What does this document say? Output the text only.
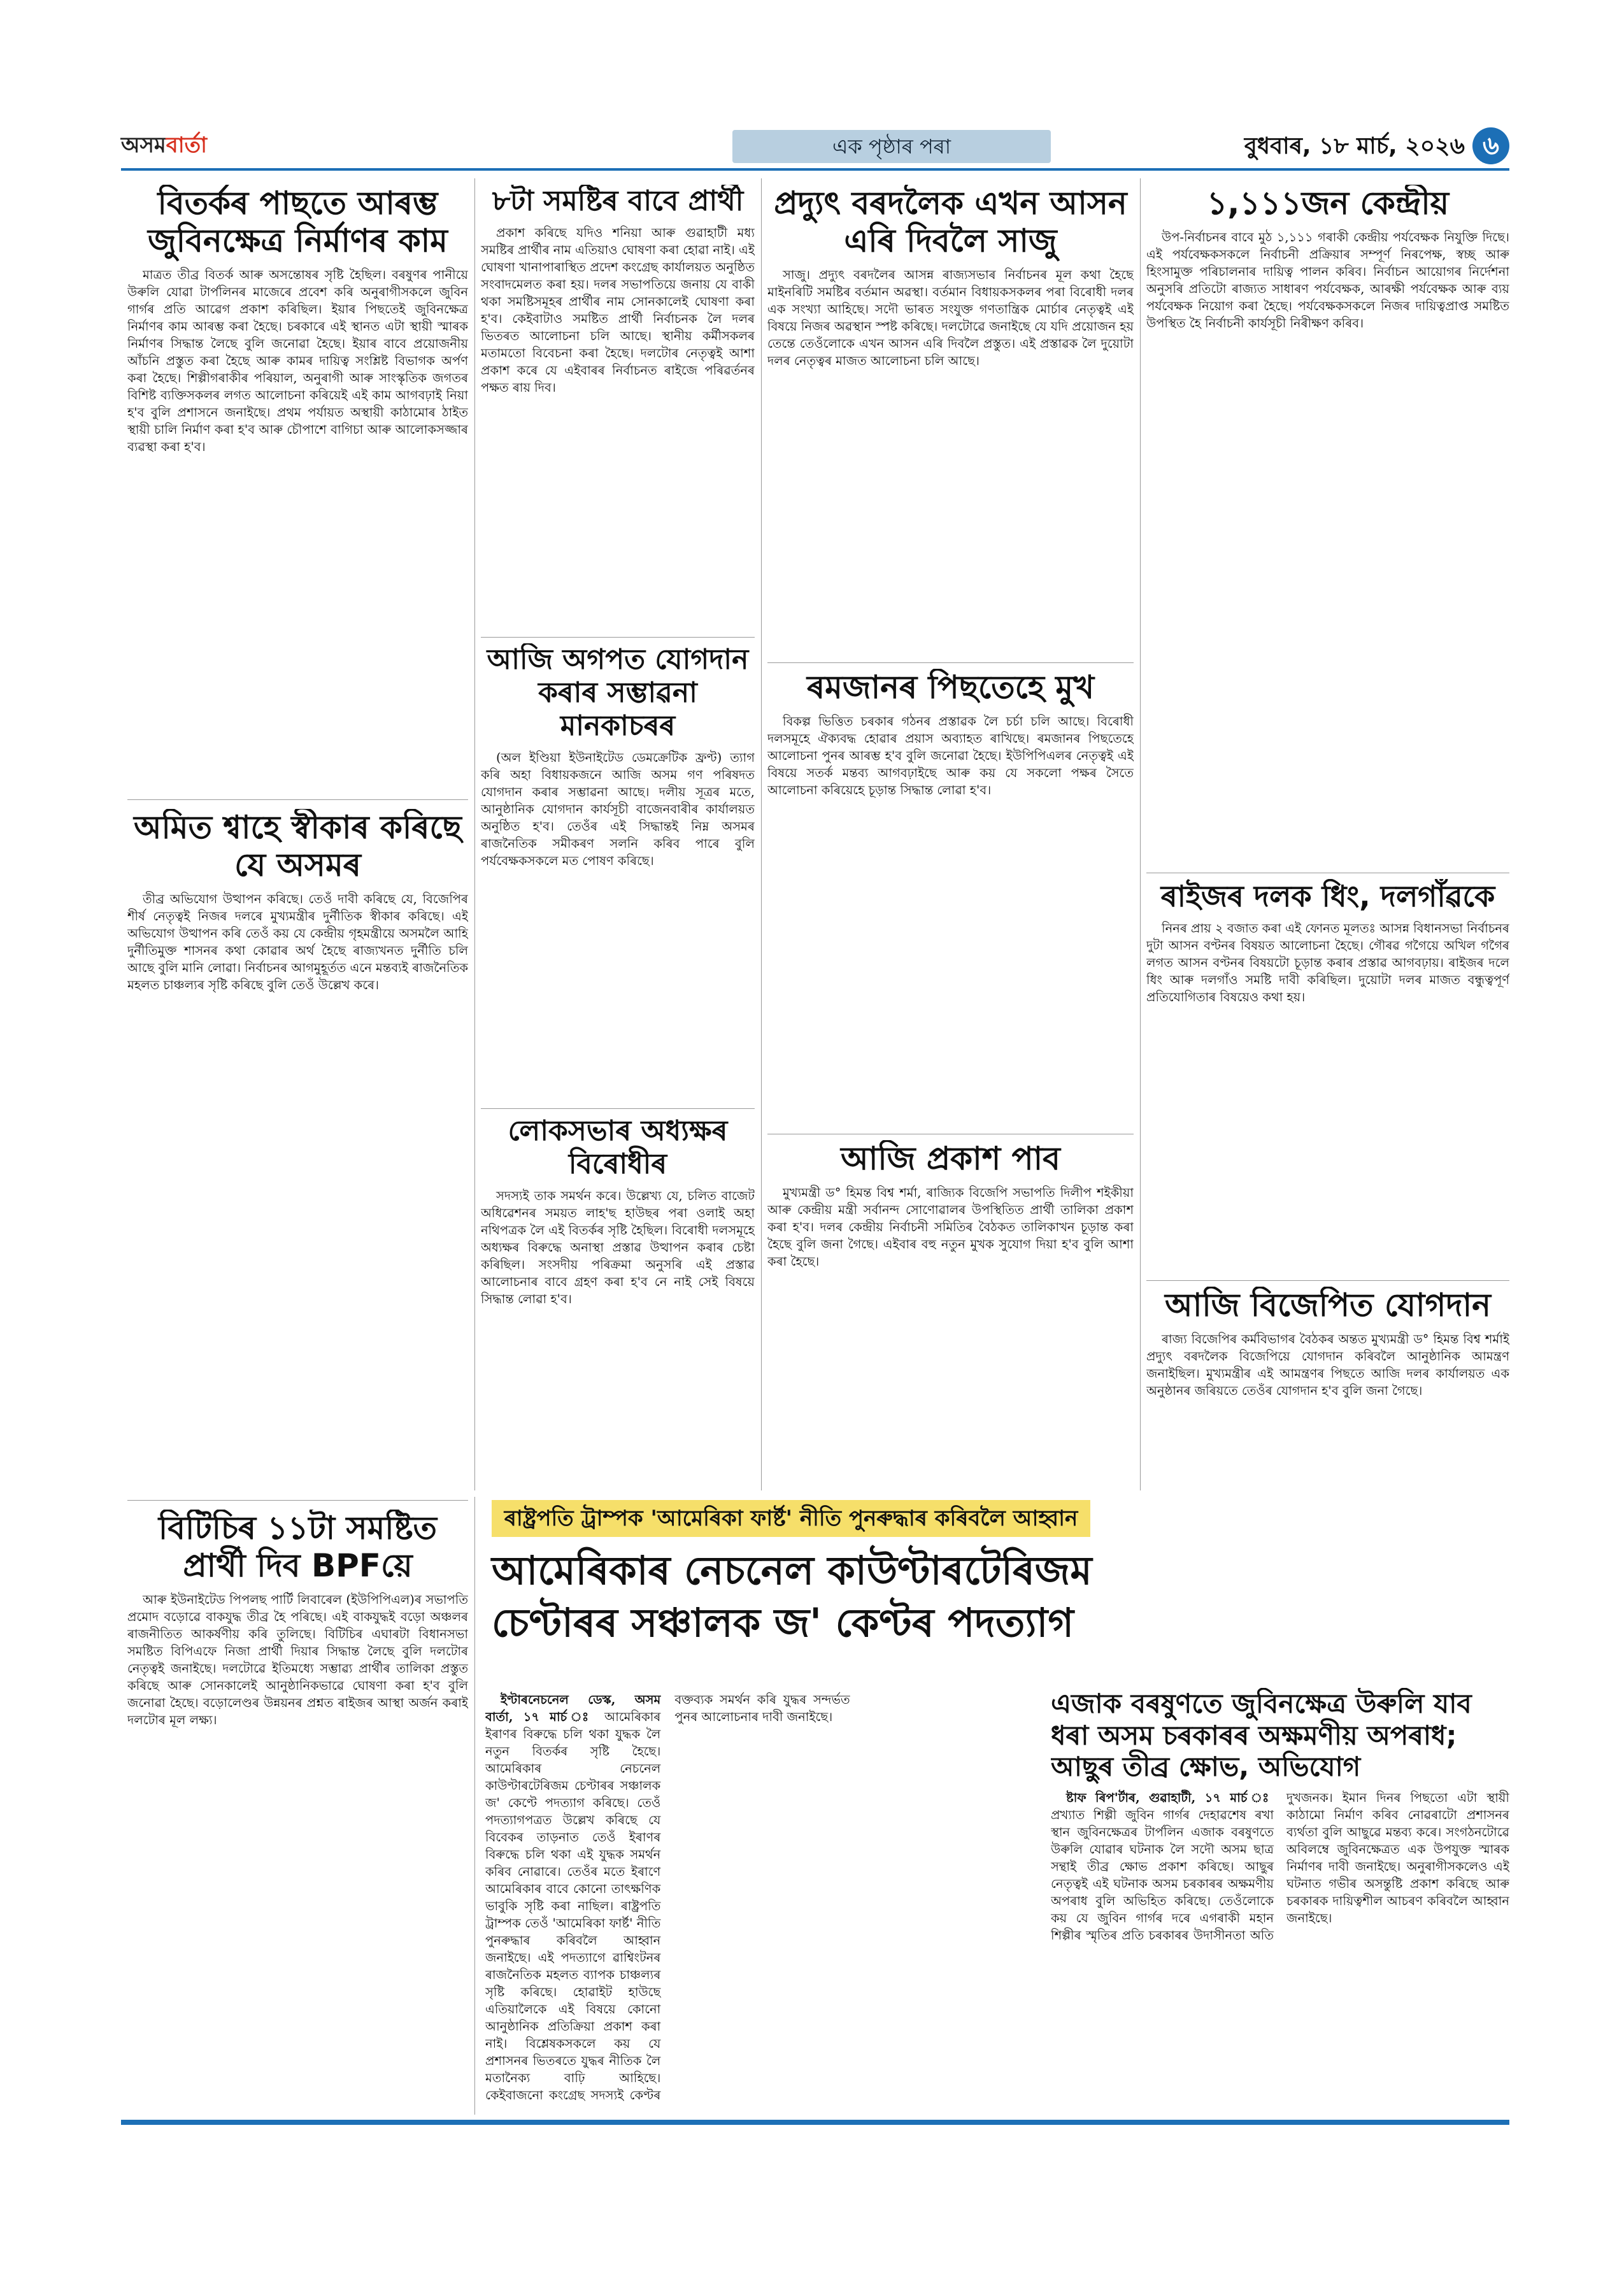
অসমবাৰ্তা	এক পৃষ্ঠাৰ পৰা	বুধবাৰ, ১৮ মাৰ্চ, ২০২৬ ৬
বিতৰ্কৰ পাছতে আৰম্ভ জুবিনক্ষেত্ৰ নিৰ্মাণৰ কাম

মাত্ৰত তীব্ৰ বিতৰ্ক আৰু অসন্তোষৰ সৃষ্টি হৈছিল। বৰষুণৰ পানীয়ে উৰুলি যোৱা টাৰ্পলিনৰ মাজেৰে প্ৰবেশ কৰি অনুৰাগীসকলে জুবিন গাৰ্গৰ প্ৰতি আৱেগ প্ৰকাশ কৰিছিল। ইয়াৰ পিছতেই জুবিনক্ষেত্ৰ নিৰ্মাণৰ কাম আৰম্ভ কৰা হৈছে। চৰকাৰে এই স্থানত এটা স্থায়ী স্মাৰক নিৰ্মাণৰ সিদ্ধান্ত লৈছে বুলি জনোৱা হৈছে। ইয়াৰ বাবে প্ৰয়োজনীয় আঁচনি প্ৰস্তুত কৰা হৈছে আৰু কামৰ দায়িত্ব সংশ্লিষ্ট বিভাগক অৰ্পণ কৰা হৈছে। শিল্পীগৰাকীৰ পৰিয়াল, অনুৰাগী আৰু সাংস্কৃতিক জগতৰ বিশিষ্ট ব্যক্তিসকলৰ লগত আলোচনা কৰিয়েই এই কাম আগবঢ়াই নিয়া হ'ব বুলি প্ৰশাসনে জনাইছে। প্ৰথম পৰ্যায়ত অস্থায়ী কাঠামোৰ ঠাইত স্থায়ী চালি নিৰ্মাণ কৰা হ'ব আৰু চৌপাশে বাগিচা আৰু আলোকসজ্জাৰ ব্যৱস্থা কৰা হ'ব।

অমিত শ্বাহে স্বীকাৰ কৰিছে যে অসমৰ

তীব্ৰ অভিযোগ উত্থাপন কৰিছে। তেওঁ দাবী কৰিছে যে, বিজেপিৰ শীৰ্ষ নেতৃত্বই নিজৰ দলৰে মুখ্যমন্ত্ৰীৰ দুৰ্নীতিক স্বীকাৰ কৰিছে। এই অভিযোগ উত্থাপন কৰি তেওঁ কয় যে কেন্দ্ৰীয় গৃহমন্ত্ৰীয়ে অসমলৈ আহি দুৰ্নীতিমুক্ত শাসনৰ কথা কোৱাৰ অৰ্থ হৈছে ৰাজ্যখনত দুৰ্নীতি চলি আছে বুলি মানি লোৱা। নিৰ্বাচনৰ আগমুহূৰ্তত এনে মন্তব্যই ৰাজনৈতিক মহলত চাঞ্চল্যৰ সৃষ্টি কৰিছে বুলি তেওঁ উল্লেখ কৰে।

বিটিচিৰ ১১টা সমষ্টিত প্ৰাৰ্থী দিব BPFয়ে

আৰু ইউনাইটেড পিপলছ পাৰ্টি লিবাৰেল (ইউপিপিএল)ৰ সভাপতি প্ৰমোদ বড়োৱে বাকযুদ্ধ তীব্ৰ হৈ পৰিছে। এই বাকযুদ্ধই বড়ো অঞ্চলৰ ৰাজনীতিত আকৰ্ষণীয় কৰি তুলিছে। বিটিচিৰ এঘাৰটা বিধানসভা সমষ্টিত বিপিএফে নিজা প্ৰাৰ্থী দিয়াৰ সিদ্ধান্ত লৈছে বুলি দলটোৰ নেতৃত্বই জনাইছে। দলটোৱে ইতিমধ্যে সম্ভাৱ্য প্ৰাৰ্থীৰ তালিকা প্ৰস্তুত কৰিছে আৰু সোনকালেই আনুষ্ঠানিকভাৱে ঘোষণা কৰা হ'ব বুলি জনোৱা হৈছে। বড়োলেণ্ডৰ উন্নয়নৰ প্ৰশ্নত ৰাইজৰ আস্থা অৰ্জন কৰাই দলটোৰ মূল লক্ষ্য।

৮টা সমষ্টিৰ বাবে প্ৰাৰ্থী

প্ৰকাশ কৰিছে যদিও শনিয়া আৰু গুৱাহাটী মধ্য সমষ্টিৰ প্ৰাৰ্থীৰ নাম এতিয়াও ঘোষণা কৰা হোৱা নাই। এই ঘোষণা খানাপাৰাস্থিত প্ৰদেশ কংগ্ৰেছ কাৰ্যালয়ত অনুষ্ঠিত সংবাদমেলত কৰা হয়। দলৰ সভাপতিয়ে জনায় যে বাকী থকা সমষ্টিসমূহৰ প্ৰাৰ্থীৰ নাম সোনকালেই ঘোষণা কৰা হ'ব। কেইবাটাও সমষ্টিত প্ৰাৰ্থী নিৰ্বাচনক লৈ দলৰ ভিতৰত আলোচনা চলি আছে। স্থানীয় কৰ্মীসকলৰ মতামতো বিবেচনা কৰা হৈছে। দলটোৰ নেতৃত্বই আশা প্ৰকাশ কৰে যে এইবাৰৰ নিৰ্বাচনত ৰাইজে পৰিৱৰ্তনৰ পক্ষত ৰায় দিব।

আজি অগপত যোগদান কৰাৰ সম্ভাৱনা মানকাচৰৰ

(অল ইণ্ডিয়া ইউনাইটেড ডেমক্ৰেটিক ফ্ৰণ্ট) ত্যাগ কৰি অহা বিধায়কজনে আজি অসম গণ পৰিষদত যোগদান কৰাৰ সম্ভাৱনা আছে। দলীয় সূত্ৰৰ মতে, আনুষ্ঠানিক যোগদান কাৰ্যসূচী বাজেনবাৰীৰ কাৰ্যালয়ত অনুষ্ঠিত হ'ব। তেওঁৰ এই সিদ্ধান্তই নিম্ন অসমৰ ৰাজনৈতিক সমীকৰণ সলনি কৰিব পাৰে বুলি পৰ্যবেক্ষকসকলে মত পোষণ কৰিছে।

লোকসভাৰ অধ্যক্ষৰ বিৰোধীৰ

সদস্যই তাক সমৰ্থন কৰে। উল্লেখ্য যে, চলিত বাজেট অধিৱেশনৰ সময়ত লাহ'ছ হাউছৰ পৰা ওলাই অহা নথিপত্ৰক লৈ এই বিতৰ্কৰ সৃষ্টি হৈছিল। বিৰোধী দলসমূহে অধ্যক্ষৰ বিৰুদ্ধে অনাস্থা প্ৰস্তাৱ উত্থাপন কৰাৰ চেষ্টা কৰিছিল। সংসদীয় পৰিক্ৰমা অনুসৰি এই প্ৰস্তাৱ আলোচনাৰ বাবে গ্ৰহণ কৰা হ'ব নে নাই সেই বিষয়ে সিদ্ধান্ত লোৱা হ'ব।

প্ৰদ্যুৎ বৰদলৈক এখন আসন এৰি দিবলৈ সাজু

সাজু। প্ৰদ্যুৎ বৰদলৈৰ আসন্ন ৰাজ্যসভাৰ নিৰ্বাচনৰ মূল কথা হৈছে মাইনৰিটি সমষ্টিৰ বৰ্তমান অৱস্থা। বৰ্তমান বিধায়কসকলৰ পৰা বিৰোধী দলৰ এক সংখ্যা আহিছে। সদৌ ভাৰত সংযুক্ত গণতান্ত্ৰিক মোৰ্চাৰ নেতৃত্বই এই বিষয়ে নিজৰ অৱস্থান স্পষ্ট কৰিছে। দলটোৱে জনাইছে যে যদি প্ৰয়োজন হয় তেন্তে তেওঁলোকে এখন আসন এৰি দিবলৈ প্ৰস্তুত। এই প্ৰস্তাৱক লৈ দুয়োটা দলৰ নেতৃত্বৰ মাজত আলোচনা চলি আছে।

ৰমজানৰ পিছতেহে মুখ

বিকল্প ভিত্তিত চৰকাৰ গঠনৰ প্ৰস্তাৱক লৈ চৰ্চা চলি আছে। বিৰোধী দলসমূহে ঐক্যবদ্ধ হোৱাৰ প্ৰয়াস অব্যাহত ৰাখিছে। ৰমজানৰ পিছতেহে আলোচনা পুনৰ আৰম্ভ হ'ব বুলি জনোৱা হৈছে। ইউপিপিএলৰ নেতৃত্বই এই বিষয়ে সতৰ্ক মন্তব্য আগবঢ়াইছে আৰু কয় যে সকলো পক্ষৰ সৈতে আলোচনা কৰিয়েহে চূড়ান্ত সিদ্ধান্ত লোৱা হ'ব।

আজি প্ৰকাশ পাব

মুখ্যমন্ত্ৰী ড° হিমন্ত বিশ্ব শৰ্মা, ৰাজ্যিক বিজেপি সভাপতি দিলীপ শইকীয়া আৰু কেন্দ্ৰীয় মন্ত্ৰী সৰ্বানন্দ সোণোৱালৰ উপস্থিতিত প্ৰাৰ্থী তালিকা প্ৰকাশ কৰা হ'ব। দলৰ কেন্দ্ৰীয় নিৰ্বাচনী সমিতিৰ বৈঠকত তালিকাখন চূড়ান্ত কৰা হৈছে বুলি জনা গৈছে। এইবাৰ বহু নতুন মুখক সুযোগ দিয়া হ'ব বুলি আশা কৰা হৈছে।

১,১১১জন কেন্দ্ৰীয়

উপ-নিৰ্বাচনৰ বাবে মুঠ ১,১১১ গৰাকী কেন্দ্ৰীয় পৰ্যবেক্ষক নিযুক্তি দিছে। এই পৰ্যবেক্ষকসকলে নিৰ্বাচনী প্ৰক্ৰিয়াৰ সম্পূৰ্ণ নিৰপেক্ষ, স্বচ্ছ আৰু হিংসামুক্ত পৰিচালনাৰ দায়িত্ব পালন কৰিব। নিৰ্বাচন আয়োগৰ নিৰ্দেশনা অনুসৰি প্ৰতিটো ৰাজ্যত সাধাৰণ পৰ্যবেক্ষক, আৰক্ষী পৰ্যবেক্ষক আৰু ব্যয় পৰ্যবেক্ষক নিয়োগ কৰা হৈছে। পৰ্যবেক্ষকসকলে নিজৰ দায়িত্বপ্ৰাপ্ত সমষ্টিত উপস্থিত হৈ নিৰ্বাচনী কাৰ্যসূচী নিৰীক্ষণ কৰিব।

ৰাইজৰ দলক ধিং, দলগাঁৱকে

নিনৰ প্ৰায় ২ বজাত কৰা এই ফোনত মূলতঃ আসন্ন বিধানসভা নিৰ্বাচনৰ দুটা আসন বণ্টনৰ বিষয়ত আলোচনা হৈছে। গৌৰৱ গগৈয়ে অখিল গগৈৰ লগত আসন বণ্টনৰ বিষয়টো চূড়ান্ত কৰাৰ প্ৰস্তাৱ আগবঢ়ায়। ৰাইজৰ দলে ধিং আৰু দলগাঁও সমষ্টি দাবী কৰিছিল। দুয়োটা দলৰ মাজত বন্ধুত্বপূৰ্ণ প্ৰতিযোগিতাৰ বিষয়েও কথা হয়।

আজি বিজেপিত যোগদান

ৰাজ্য বিজেপিৰ কৰ্মবিভাগৰ বৈঠকৰ অন্তত মুখ্যমন্ত্ৰী ড° হিমন্ত বিশ্ব শৰ্মাই প্ৰদ্যুৎ বৰদলৈক বিজেপিয়ে যোগদান কৰিবলৈ আনুষ্ঠানিক আমন্ত্ৰণ জনাইছিল। মুখ্যমন্ত্ৰীৰ এই আমন্ত্ৰণৰ পিছতে আজি দলৰ কাৰ্যালয়ত এক অনুষ্ঠানৰ জৰিয়তে তেওঁৰ যোগদান হ'ব বুলি জনা গৈছে।

ৰাষ্ট্ৰপতি ট্ৰাম্পক 'আমেৰিকা ফাৰ্ষ্ট' নীতি পুনৰুদ্ধাৰ কৰিবলৈ আহ্বান
আমেৰিকাৰ নেচনেল কাউণ্টাৰটেৰিজম
চেণ্টাৰৰ সঞ্চালক জ' কেণ্টৰ পদত্যাগ

ইণ্টাৰনেচনেল ডেস্ক, অসম বাৰ্তা, ১৭ মাৰ্চ ঃ আমেৰিকাৰ ইৰাণৰ বিৰুদ্ধে চলি থকা যুদ্ধক লৈ নতুন বিতৰ্কৰ সৃষ্টি হৈছে। আমেৰিকাৰ নেচনেল কাউণ্টাৰটেৰিজম চেণ্টাৰৰ সঞ্চালক জ' কেণ্টে পদত্যাগ কৰিছে। তেওঁ পদত্যাগপত্ৰত উল্লেখ কৰিছে যে বিবেকৰ তাড়নাত তেওঁ ইৰাণৰ বিৰুদ্ধে চলি থকা এই যুদ্ধক সমৰ্থন কৰিব নোৱাৰে। তেওঁৰ মতে ইৰাণে আমেৰিকাৰ বাবে কোনো তাৎক্ষণিক ভাবুকি সৃষ্টি কৰা নাছিল। ৰাষ্ট্ৰপতি ট্ৰাম্পক তেওঁ 'আমেৰিকা ফাৰ্ষ্ট' নীতি পুনৰুদ্ধাৰ কৰিবলৈ আহ্বান জনাইছে। এই পদত্যাগে ৱাশ্বিংটনৰ ৰাজনৈতিক মহলত ব্যাপক চাঞ্চল্যৰ সৃষ্টি কৰিছে। হোৱাইট হাউছে এতিয়ালৈকে এই বিষয়ে কোনো আনুষ্ঠানিক প্ৰতিক্ৰিয়া প্ৰকাশ কৰা নাই। বিশ্লেষকসকলে কয় যে প্ৰশাসনৰ ভিতৰতে যুদ্ধৰ নীতিক লৈ মতানৈক্য বাঢ়ি আহিছে। কেইবাজনো কংগ্ৰেছ সদস্যই কেণ্টৰ বক্তব্যক সমৰ্থন কৰি যুদ্ধৰ সন্দৰ্ভত পুনৰ আলোচনাৰ দাবী জনাইছে।	এজাক বৰষুণতে জুবিনক্ষেত্ৰ উৰুলি যাব ধৰা অসম চৰকাৰৰ অক্ষমণীয় অপৰাধ; আছুৰ তীব্ৰ ক্ষোভ, অভিযোগ

ষ্টাফ ৰিপ'ৰ্টাৰ, গুৱাহাটী, ১৭ মাৰ্চ ঃ প্ৰখ্যাত শিল্পী জুবিন গাৰ্গৰ দেহাৱশেষ ৰখা স্থান জুবিনক্ষেত্ৰৰ টাৰ্পলিন এজাক বৰষুণতে উৰুলি যোৱাৰ ঘটনাক লৈ সদৌ অসম ছাত্ৰ সন্থাই তীব্ৰ ক্ষোভ প্ৰকাশ কৰিছে। আছুৰ নেতৃত্বই এই ঘটনাক অসম চৰকাৰৰ অক্ষমণীয় অপৰাধ বুলি অভিহিত কৰিছে। তেওঁলোকে কয় যে জুবিন গাৰ্গৰ দৰে এগৰাকী মহান শিল্পীৰ স্মৃতিৰ প্ৰতি চৰকাৰৰ উদাসীনতা অতি দুখজনক। ইমান দিনৰ পিছতো এটা স্থায়ী কাঠামো নিৰ্মাণ কৰিব নোৱৰাটো প্ৰশাসনৰ ব্যৰ্থতা বুলি আছুৱে মন্তব্য কৰে। সংগঠনটোৱে অবিলম্বে জুবিনক্ষেত্ৰত এক উপযুক্ত স্মাৰক নিৰ্মাণৰ দাবী জনাইছে। অনুৰাগীসকলেও এই ঘটনাত গভীৰ অসন্তুষ্টি প্ৰকাশ কৰিছে আৰু চৰকাৰক দায়িত্বশীল আচৰণ কৰিবলৈ আহ্বান জনাইছে।
